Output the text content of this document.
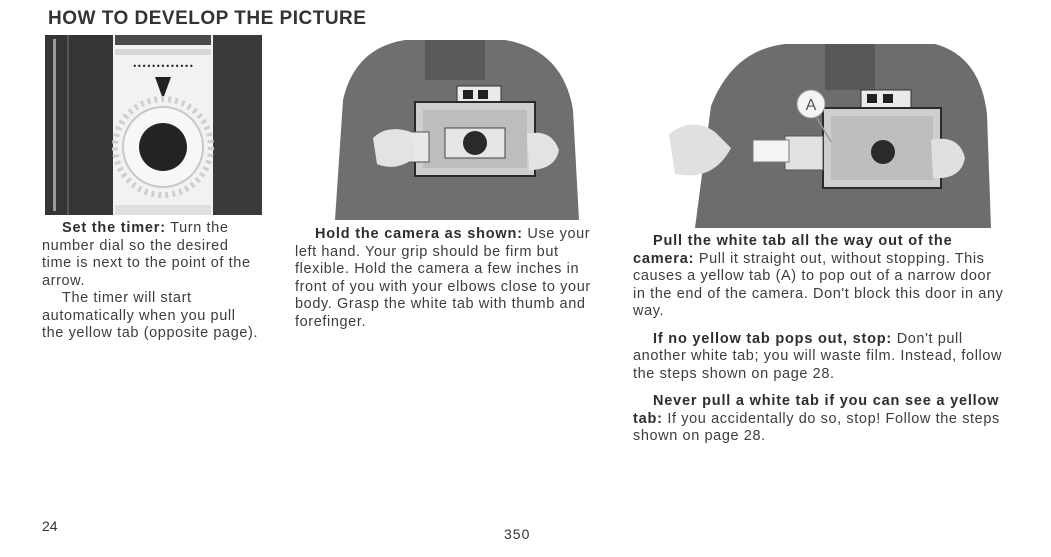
HOW TO DEVELOP THE PICTURE
•••••••••••••
A

Set the timer: Turn the number dial so the desired time is next to the point of the arrow.

The timer will start automatically when you pull the yellow tab (opposite page).

Hold the camera as shown: Use your left hand. Your grip should be firm but flexible. Hold the camera a few inches in front of you with your elbows close to your body. Grasp the white tab with thumb and forefinger.

Pull the white tab all the way out of the camera: Pull it straight out, without stopping. This causes a yellow tab (A) to pop out of a narrow door in the end of the camera. Don't block this door in any way.

If no yellow tab pops out, stop: Don't pull another white tab; you will waste film. Instead, follow the steps shown on page 28.

Never pull a white tab if you can see a yellow tab: If you accidentally do so, stop! Follow the steps shown on page 28.

24	350
